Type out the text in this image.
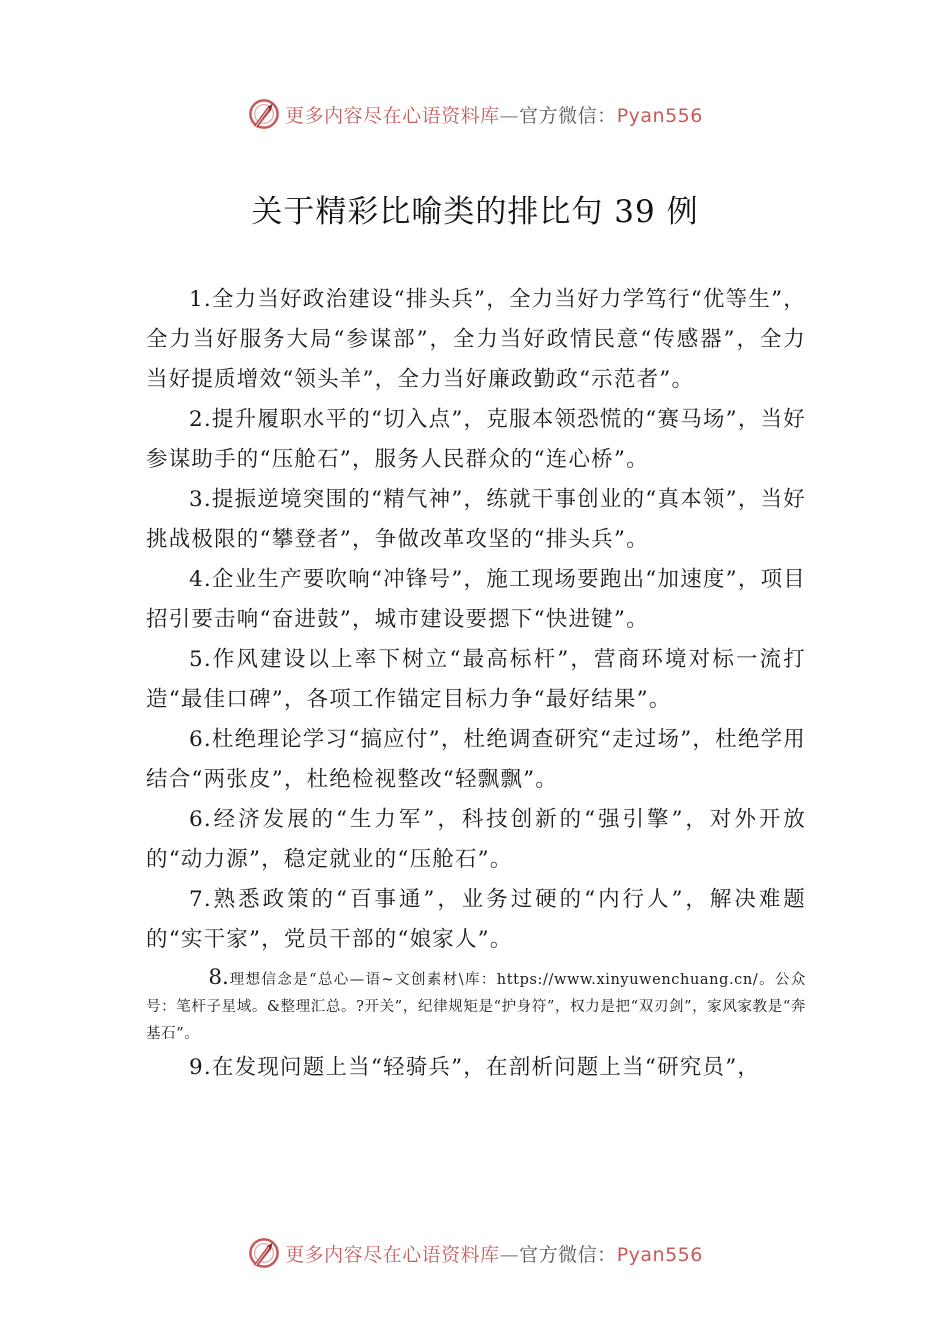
更多内容尽在心语资料库—官方微信：Pyan556
关于精彩比喻类的排比句 39 例

1.全力当好政治建设“排头兵”，全力当好力学笃行“优等生”，全力当好服务大局“参谋部”，全力当好政情民意“传感器”，全力当好提质增效“领头羊”，全力当好廉政勤政“示范者”。

2.提升履职水平的“切入点”，克服本领恐慌的“赛马场”，当好参谋助手的“压舱石”，服务人民群众的“连心桥”。

3.提振逆境突围的“精气神”，练就干事创业的“真本领”，当好挑战极限的“攀登者”，争做改革攻坚的“排头兵”。

4.企业生产要吹响“冲锋号”，施工现场要跑出“加速度”，项目招引要击响“奋进鼓”，城市建设要摁下“快进键”。

5.作风建设以上率下树立“最高标杆”，营商环境对标一流打造“最佳口碑”，各项工作锚定目标力争“最好结果”。

6.杜绝理论学习“搞应付”，杜绝调查研究“走过场”，杜绝学用结合“两张皮”，杜绝检视整改“轻飘飘”。

6.经济发展的“生力军”，科技创新的“强引擎”，对外开放的“动力源”，稳定就业的“压舱石”。

7.熟悉政策的“百事通”，业务过硬的“内行人”，解决难题的“实干家”，党员干部的“娘家人”。

8.理想信念是“总心—语~文创素材\库：https://www.xinyuwenchuang.cn/。公众号：笔杆子星域。&整理汇总。?开关”，纪律规矩是“护身符”，权力是把“双刃剑”，家风家教是“奔基石”。

9.在发现问题上当“轻骑兵”，在剖析问题上当“研究员”，

更多内容尽在心语资料库—官方微信：Pyan556
